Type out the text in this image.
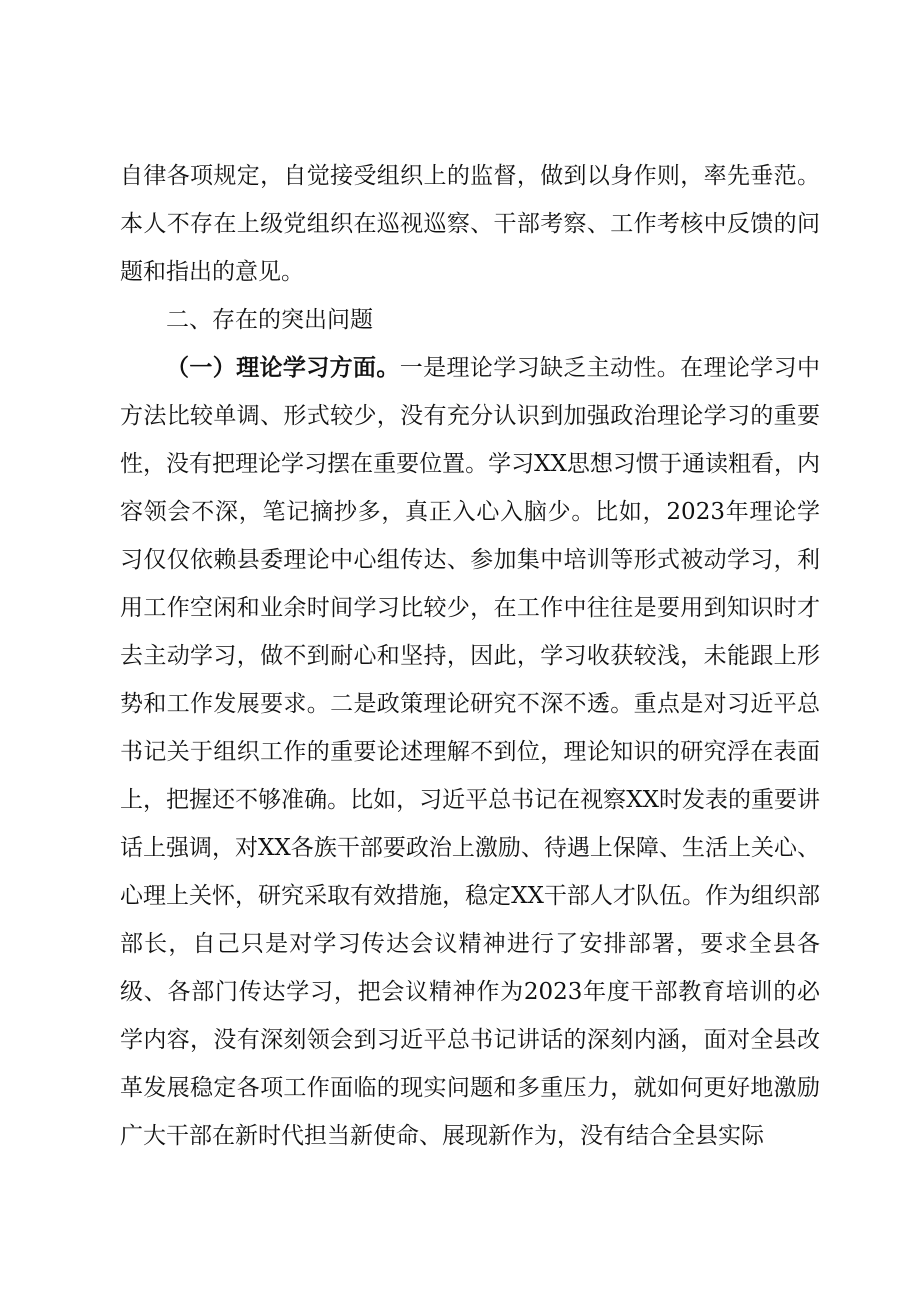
自律各项规定，自觉接受组织上的监督，做到以身作则，率先垂范。本人不存在上级党组织在巡视巡察、干部考察、工作考核中反馈的问题和指出的意见。

二、存在的突出问题

（一）理论学习方面。一是理论学习缺乏主动性。在理论学习中方法比较单调、形式较少，没有充分认识到加强政治理论学习的重要性，没有把理论学习摆在重要位置。学习XX思想习惯于通读粗看，内容领会不深，笔记摘抄多，真正入心入脑少。比如，2023年理论学习仅仅依赖县委理论中心组传达、参加集中培训等形式被动学习，利用工作空闲和业余时间学习比较少，在工作中往往是要用到知识时才去主动学习，做不到耐心和坚持，因此，学习收获较浅，未能跟上形势和工作发展要求。二是政策理论研究不深不透。重点是对习近平总书记关于组织工作的重要论述理解不到位，理论知识的研究浮在表面上，把握还不够准确。比如，习近平总书记在视察XX时发表的重要讲话上强调，对XX各族干部要政治上激励、待遇上保障、生活上关心、心理上关怀，研究采取有效措施，稳定XX干部人才队伍。作为组织部部长，自己只是对学习传达会议精神进行了安排部署，要求全县各级、各部门传达学习，把会议精神作为2023年度干部教育培训的必学内容，没有深刻领会到习近平总书记讲话的深刻内涵，面对全县改革发展稳定各项工作面临的现实问题和多重压力，就如何更好地激励广大干部在新时代担当新使命、展现新作为，没有结合全县实际
